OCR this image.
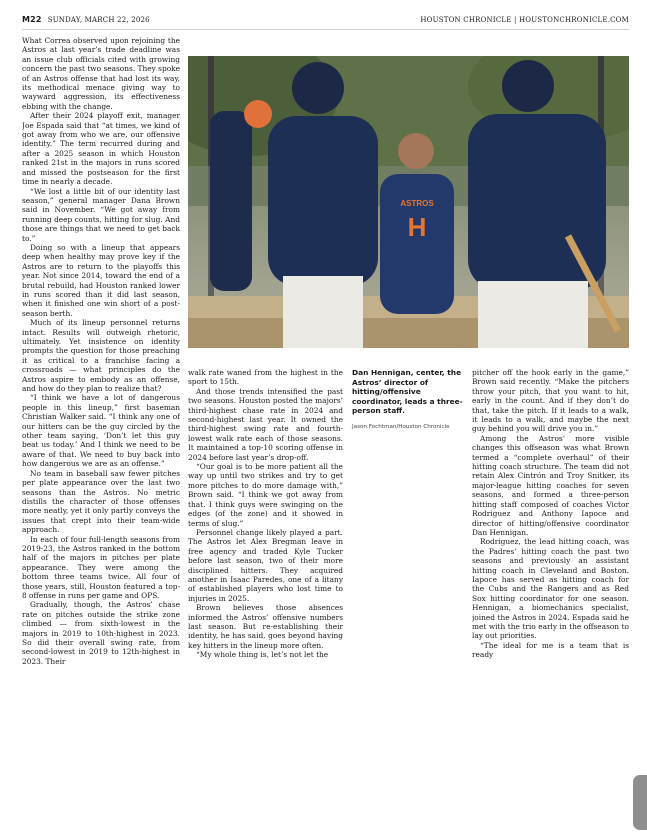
M22 SUNDAY, MARCH 22, 2026	HOUSTON CHRONICLE | HOUSTONCHRONICLE.COM

What Correa observed upon rejoining the Astros at last year’s trade deadline was an issue club officials cited with growing concern the past two seasons. They spoke of an Astros offense that had lost its way, its methodical menace giving way to wayward aggression, its effectiveness ebbing with the change.

After their 2024 playoff exit, manager Joe Espada said that “at times, we kind of got away from who we are, our offensive identity.” The term recurred during and after a 2025 season in which Houston ranked 21st in the majors in runs scored and missed the postseason for the first time in nearly a decade.

“We lost a little bit of our identity last season,” general manager Dana Brown said in November. “We got away from running deep counts, hitting for slug. And those are things that we need to get back to.”

Doing so with a lineup that appears deep when healthy may prove key if the Astros are to return to the playoffs this year. Not since 2014, toward the end of a brutal rebuild, had Houston ranked lower in runs scored than it did last season, when it finished one win short of a post-season berth.

Much of its lineup personnel returns intact. Results will outweigh rhetoric, ultimately. Yet insistence on identity prompts the question for those preaching it as critical to a franchise facing a crossroads — what principles do the Astros aspire to embody as an offense, and how do they plan to realize that?

“I think we have a lot of dangerous people in this lineup,” first baseman Christian Walker said. “I think any one of our hitters can be the guy circled by the other team saying, ‘Don’t let this guy beat us today.’ And I think we need to be aware of that. We need to buy back into how dangerous we are as an offense.”

No team in baseball saw fewer pitches per plate appearance over the last two seasons than the Astros. No metric distills the character of those offenses more neatly, yet it only partly conveys the issues that crept into their team-wide approach.

In each of four full-length seasons from 2019-23, the Astros ranked in the bottom half of the majors in pitches per plate appearance. They were among the bottom three teams twice. All four of those years, still, Houston featured a top-8 offense in runs per game and OPS.

Gradually, though, the Astros’ chase rate on pitches outside the strike zone climbed — from sixth-lowest in the majors in 2019 to 10th-highest in 2023. So did their overall swing rate, from second-lowest in 2019 to 12th-highest in 2023. Their

ASTROS
H
Dan Hennigan, center, the Astros’ director of hitting/offensive coordinator, leads a three-person staff.
Jason Fochtman/Houston Chronicle

walk rate waned from the highest in the sport to 15th.

And those trends intensified the past two seasons. Houston posted the majors’ third-highest chase rate in 2024 and second-highest last year. It owned the third-highest swing rate and fourth-lowest walk rate each of those seasons. It maintained a top-10 scoring offense in 2024 before last year’s drop-off.

“Our goal is to be more patient all the way up until two strikes and try to get more pitches to do more damage with,” Brown said. “I think we got away from that. I think guys were swinging on the edges (of the zone) and it showed in terms of slug.”

Personnel change likely played a part. The Astros let Alex Bregman leave in free agency and traded Kyle Tucker before last season, two of their more disciplined hitters. They acquired another in Isaac Paredes, one of a litany of established players who lost time to injuries in 2025.

Brown believes those absences informed the Astros’ offensive numbers last season. But re-establishing their identity, he has said, goes beyond having key hitters in the lineup more often.

“My whole thing is, let’s not let the

pitcher off the hook early in the game,” Brown said recently. “Make the pitchers throw your pitch, that you want to hit, early in the count. And if they don’t do that, take the pitch. If it leads to a walk, it leads to a walk, and maybe the next guy behind you will drive you in.”

Among the Astros’ more visible changes this offseason was what Brown termed a “complete overhaul” of their hitting coach structure. The team did not retain Alex Cintrón and Troy Snitker, its major-league hitting coaches for seven seasons, and formed a three-person hitting staff composed of coaches Victor Rodriguez and Anthony Iapoce and director of hitting/offensive coordinator Dan Hennigan.

Rodriguez, the lead hitting coach, was the Padres’ hitting coach the past two seasons and previously an assistant hitting coach in Cleveland and Boston. Iapoce has served as hitting coach for the Cubs and the Rangers and as Red Sox hitting coordinator for one season. Hennigan, a biomechanics specialist, joined the Astros in 2024. Espada said he met with the trio early in the offseason to lay out priorities.

“The ideal for me is a team that is ready
